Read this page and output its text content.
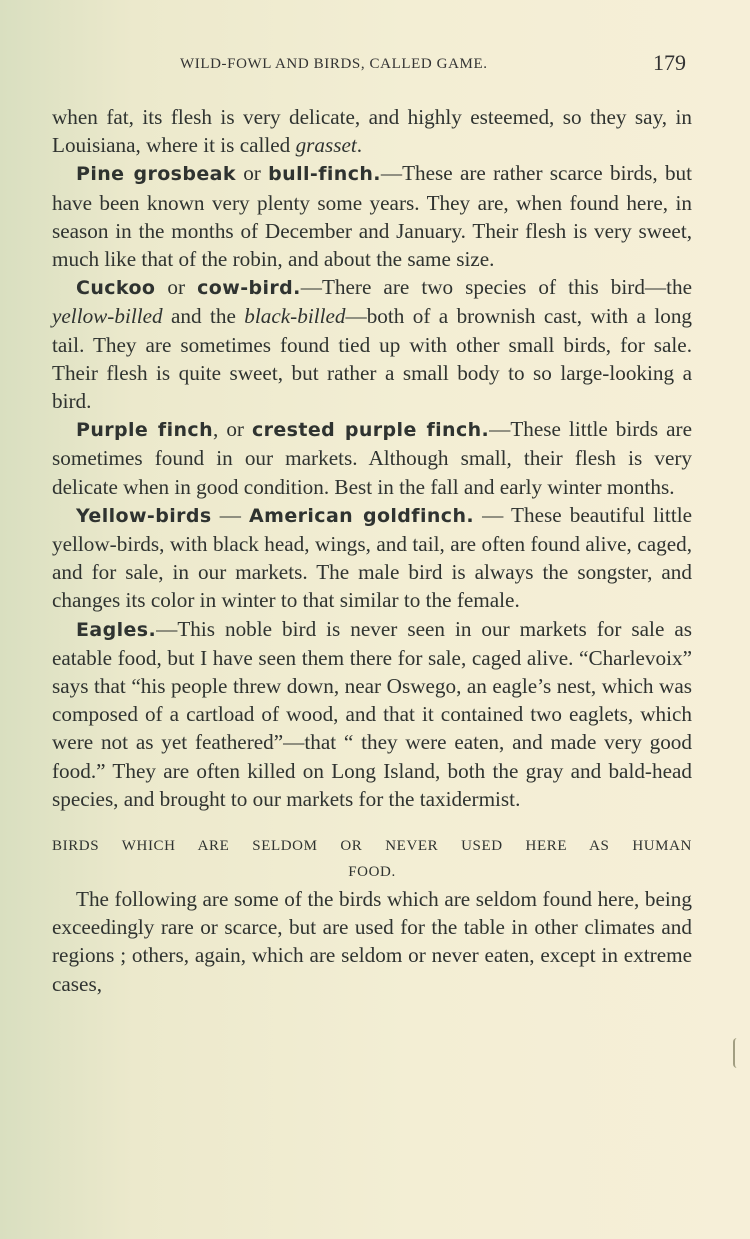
WILD-FOWL AND BIRDS, CALLED GAME.	179

when fat, its flesh is very delicate, and highly esteemed, so they say, in Louisiana, where it is called grasset.

Pine grosbeak or bull-finch.—These are rather scarce birds, but have been known very plenty some years. They are, when found here, in season in the months of December and January. Their flesh is very sweet, much like that of the robin, and about the same size.

Cuckoo or cow-bird.—There are two species of this bird—the yellow-billed and the black-billed—both of a brownish cast, with a long tail. They are sometimes found tied up with other small birds, for sale. Their flesh is quite sweet, but rather a small body to so large-looking a bird.

Purple finch, or crested purple finch.—These little birds are sometimes found in our markets. Although small, their flesh is very delicate when in good condition. Best in the fall and early winter months.

Yellow-birds — American goldfinch. — These beautiful little yellow-birds, with black head, wings, and tail, are often found alive, caged, and for sale, in our markets. The male bird is always the songster, and changes its color in winter to that similar to the female.

Eagles.—This noble bird is never seen in our markets for sale as eatable food, but I have seen them there for sale, caged alive. “Charlevoix” says that “his people threw down, near Oswego, an eagle’s nest, which was composed of a cartload of wood, and that it contained two eaglets, which were not as yet feathered”—that “ they were eaten, and made very good food.” They are often killed on Long Island, both the gray and bald-head species, and brought to our markets for the taxidermist.

BIRDS WHICH ARE SELDOM OR NEVER USED HERE AS HUMAN
FOOD.

The following are some of the birds which are seldom found here, being exceedingly rare or scarce, but are used for the table in other climates and regions ; others, again, which are seldom or never eaten, except in extreme cases,
